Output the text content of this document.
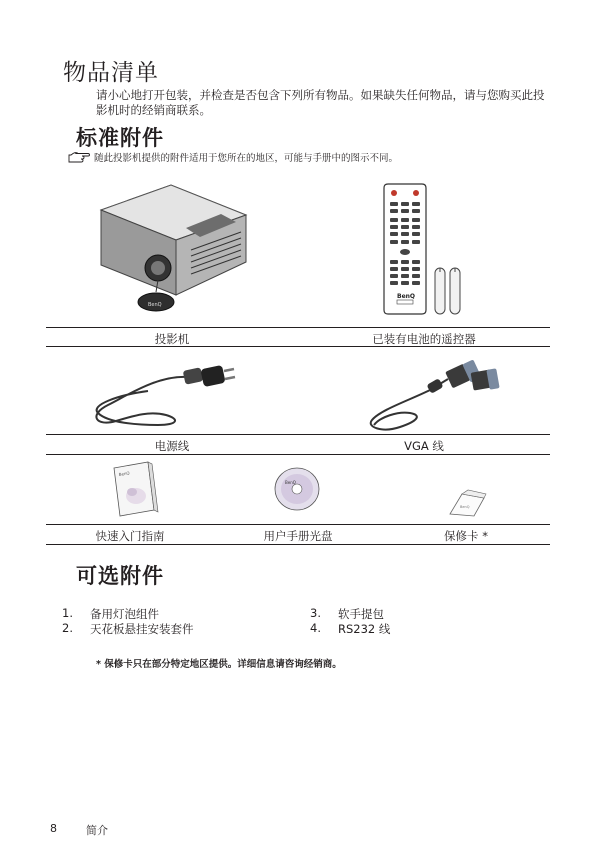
物品清单
请小心地打开包装，并检查是否包含下列所有物品。如果缺失任何物品，请与您购买此投影机时的经销商联系。
标准附件
随此投影机提供的附件适用于您所在的地区，可能与手册中的图示不同。
BenQ
BenQ
投影机	已装有电池的遥控器
电源线	VGA 线
BenQ
BenQ
BenQ
快速入门指南	用户手册光盘	保修卡 *
可选附件
1. 备用灯泡组件
2. 天花板悬挂安装套件
3. 软手提包
4. RS232 线
* 保修卡只在部分特定地区提供。详细信息请咨询经销商。
8	简介
